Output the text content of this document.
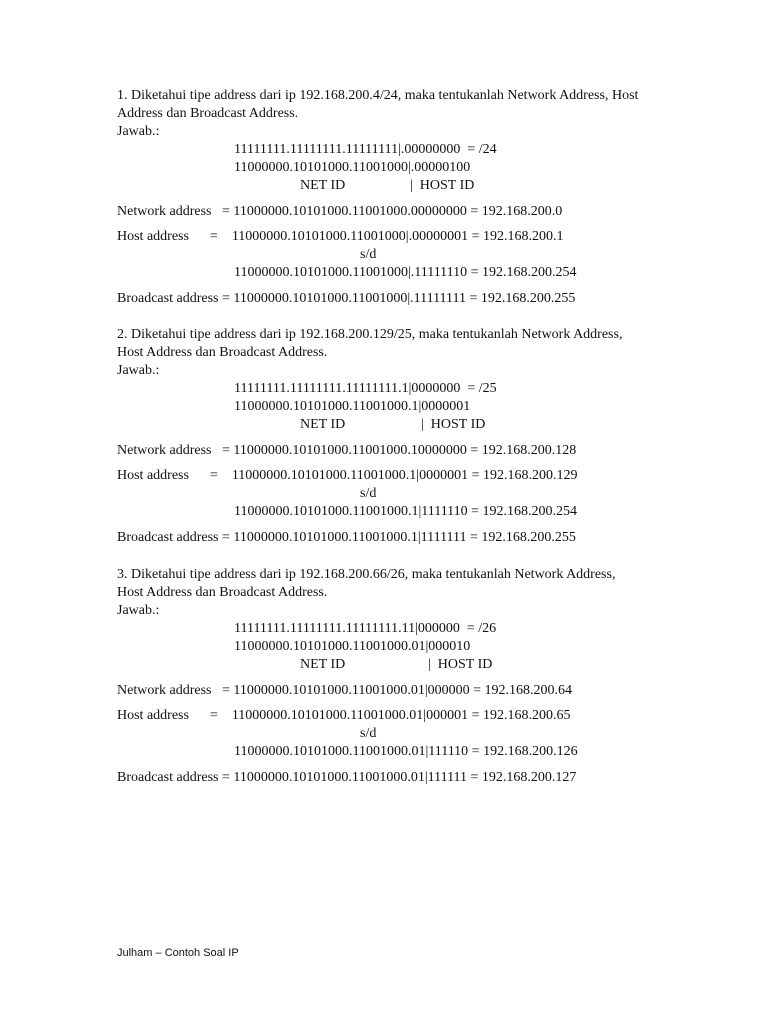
1. Diketahui tipe address dari ip 192.168.200.4/24, maka tentukanlah Network Address, Host
Address dan Broadcast Address.
Jawab.:
11111111.11111111.11111111|.00000000  = /24
11000000.10101000.11001000|.00000100
NET ID	|  HOST ID
Network address   = 11000000.10101000.11001000.00000000 = 192.168.200.0
Host address      =    11000000.10101000.11001000|.00000001 = 192.168.200.1
s/d
11000000.10101000.11001000|.11111110 = 192.168.200.254
Broadcast address = 11000000.10101000.11001000|.11111111 = 192.168.200.255
2. Diketahui tipe address dari ip 192.168.200.129/25, maka tentukanlah Network Address,
Host Address dan Broadcast Address.
Jawab.:
11111111.11111111.11111111.1|0000000  = /25
11000000.10101000.11001000.1|0000001
NET ID	|  HOST ID
Network address   = 11000000.10101000.11001000.10000000 = 192.168.200.128
Host address      =    11000000.10101000.11001000.1|0000001 = 192.168.200.129
s/d
11000000.10101000.11001000.1|1111110 = 192.168.200.254
Broadcast address = 11000000.10101000.11001000.1|1111111 = 192.168.200.255
3. Diketahui tipe address dari ip 192.168.200.66/26, maka tentukanlah Network Address,
Host Address dan Broadcast Address.
Jawab.:
11111111.11111111.11111111.11|000000  = /26
11000000.10101000.11001000.01|000010
NET ID	|  HOST ID
Network address   = 11000000.10101000.11001000.01|000000 = 192.168.200.64
Host address      =    11000000.10101000.11001000.01|000001 = 192.168.200.65
s/d
11000000.10101000.11001000.01|111110 = 192.168.200.126
Broadcast address = 11000000.10101000.11001000.01|111111 = 192.168.200.127
Julham – Contoh Soal IP
